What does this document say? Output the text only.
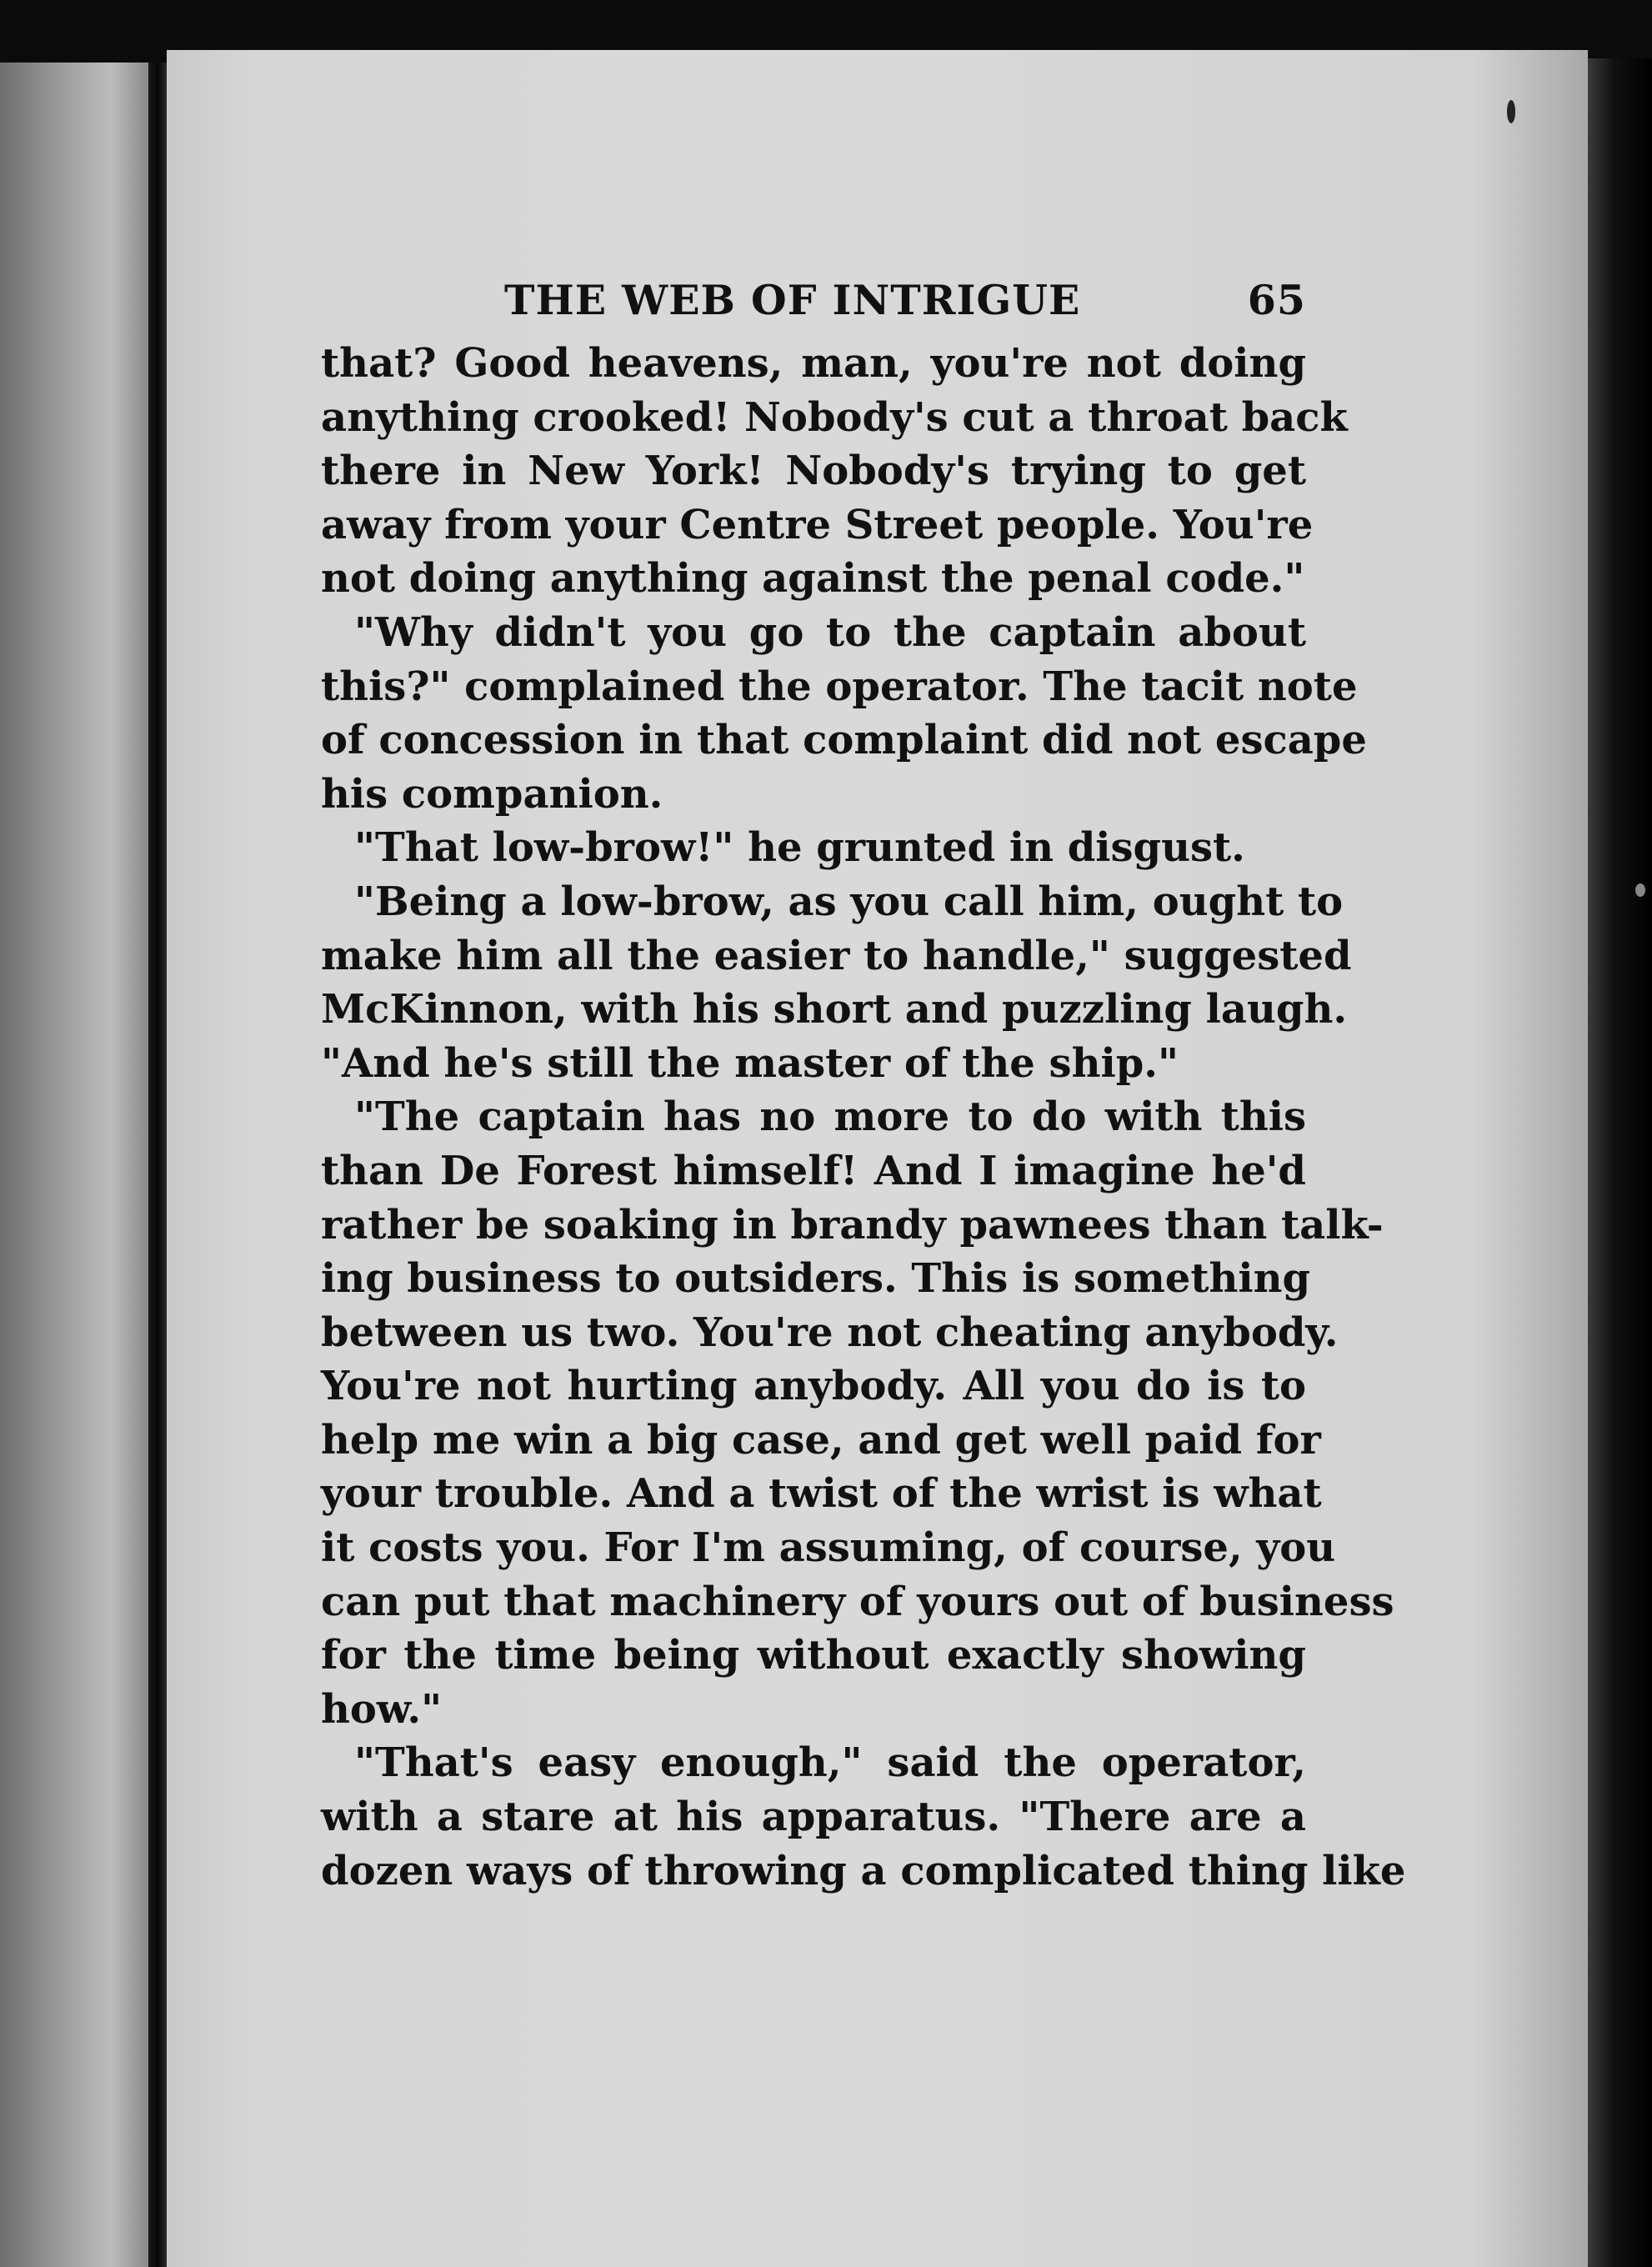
THE WEB OF INTRIGUE	65
that? Good heavens, man, you're not doing
anything crooked! Nobody's cut a throat back
there in New York! Nobody's trying to get
away from your Centre Street people. You're
not doing anything against the penal code."
"Why didn't you go to the captain about
this?" complained the operator. The tacit note
of concession in that complaint did not escape
his companion.
"That low-brow!" he grunted in disgust.
"Being a low-brow, as you call him, ought to
make him all the easier to handle," suggested
McKinnon, with his short and puzzling laugh.
"And he's still the master of the ship."
"The captain has no more to do with this
than De Forest himself! And I imagine he'd
rather be soaking in brandy pawnees than talk-
ing business to outsiders. This is something
between us two. You're not cheating anybody.
You're not hurting anybody. All you do is to
help me win a big case, and get well paid for
your trouble. And a twist of the wrist is what
it costs you. For I'm assuming, of course, you
can put that machinery of yours out of business
for the time being without exactly showing
how."
"That's easy enough," said the operator,
with a stare at his apparatus. "There are a
dozen ways of throwing a complicated thing like
